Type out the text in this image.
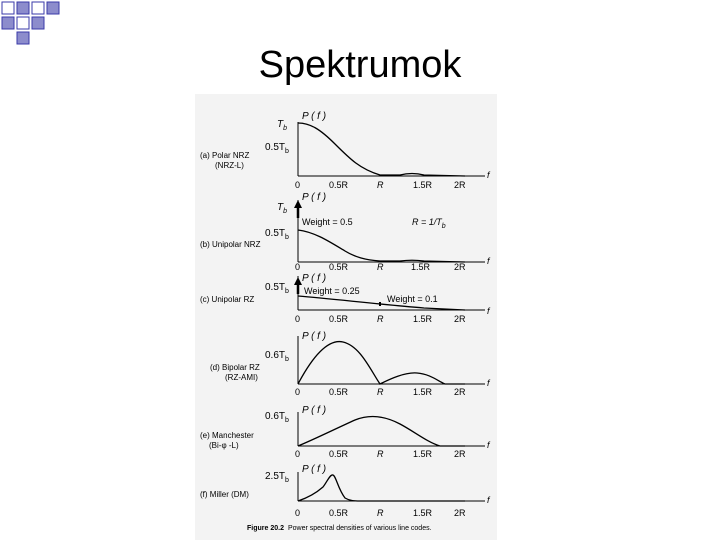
Spektrumok
$T_b$
$0.5T_b$
P ( f )
(a) Polar NRZ
(NRZ-L)
0	0.5R	R	1.5R 2R
f
$T_b$
$0.5T_b$
P ( f )
Weight = 0.5	$R = 1/T_b$
(b) Unipolar NRZ
0	0.5R	R	1.5R	2R
f
$0.5T_b$
P ( f )
Weight = 0.25
Weight = 0.1
(c) Unipolar RZ
0	0.5R	R	1.5R 2R
f
$0.6T_b$
P ( f )
(d) Bipolar RZ
(RZ-AMI)
0	0.5R	R	1.5R 2R
f
$0.6T_b$
P ( f )
(e) Manchester
(Bi-φ -L)
0	0.5R	R	1.5R 2R
f
$2.5T_b$
P ( f )
(f) Miller (DM)
0	0.5R	R	1.5R 2R
f
Figure 20.2 Power spectral densities of various line codes.
